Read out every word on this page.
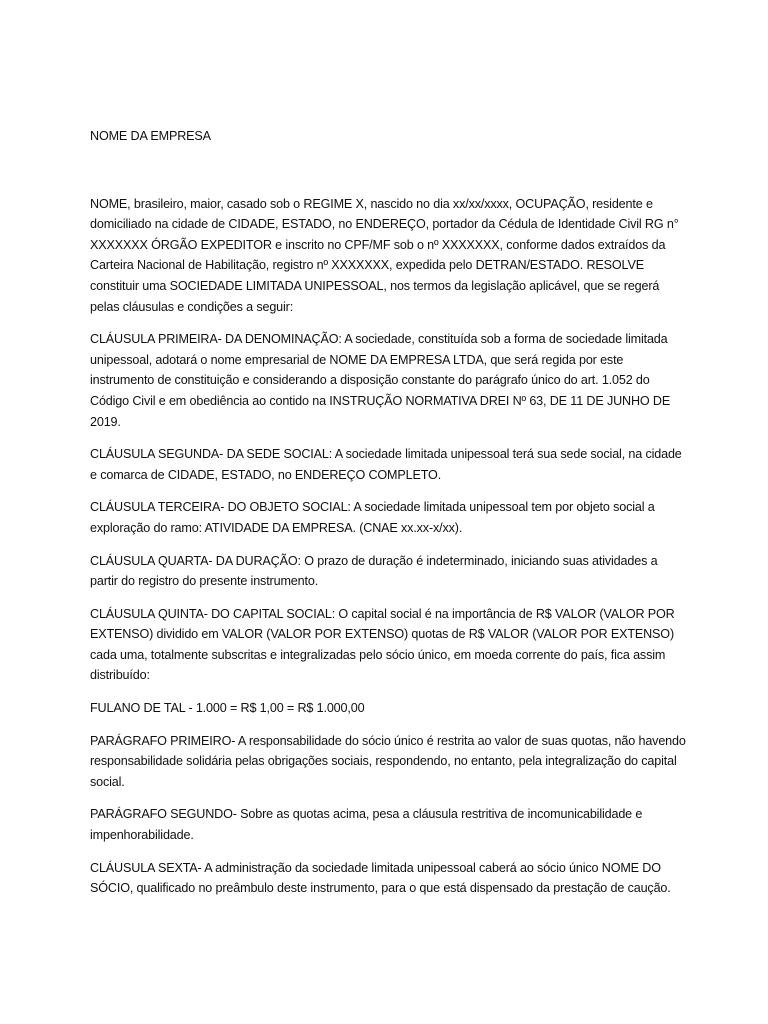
NOME DA EMPRESA

NOME, brasileiro, maior, casado sob o REGIME X, nascido no dia xx/xx/xxxx, OCUPAÇÃO, residente e domiciliado na cidade de CIDADE, ESTADO, no ENDEREÇO, portador da Cédula de Identidade Civil RG n° XXXXXXX ÓRGÃO EXPEDITOR e inscrito no CPF/MF sob o nº XXXXXXX, conforme dados extraídos da Carteira Nacional de Habilitação, registro nº XXXXXXX, expedida pelo DETRAN/ESTADO. RESOLVE constituir uma SOCIEDADE LIMITADA UNIPESSOAL, nos termos da legislação aplicável, que se regerá pelas cláusulas e condições a seguir:

CLÁUSULA PRIMEIRA- DA DENOMINAÇÃO: A sociedade, constituída sob a forma de sociedade limitada unipessoal, adotará o nome empresarial de NOME DA EMPRESA LTDA, que será regida por este instrumento de constituição e considerando a disposição constante do parágrafo único do art. 1.052 do Código Civil e em obediência ao contido na INSTRUÇÃO NORMATIVA DREI Nº 63, DE 11 DE JUNHO DE 2019.

CLÁUSULA SEGUNDA- DA SEDE SOCIAL: A sociedade limitada unipessoal terá sua sede social, na cidade e comarca de CIDADE, ESTADO, no ENDEREÇO COMPLETO.

CLÁUSULA TERCEIRA- DO OBJETO SOCIAL: A sociedade limitada unipessoal tem por objeto social a exploração do ramo: ATIVIDADE DA EMPRESA. (CNAE xx.xx-x/xx).

CLÁUSULA QUARTA- DA DURAÇÃO: O prazo de duração é indeterminado, iniciando suas atividades a partir do registro do presente instrumento.

CLÁUSULA QUINTA- DO CAPITAL SOCIAL: O capital social é na importância de R$ VALOR (VALOR POR EXTENSO) dividido em VALOR (VALOR POR EXTENSO) quotas de R$ VALOR (VALOR POR EXTENSO) cada uma, totalmente subscritas e integralizadas pelo sócio único, em moeda corrente do país, fica assim distribuído:

FULANO DE TAL - 1.000 = R$ 1,00 = R$ 1.000,00

PARÁGRAFO PRIMEIRO- A responsabilidade do sócio único é restrita ao valor de suas quotas, não havendo responsabilidade solidária pelas obrigações sociais, respondendo, no entanto, pela integralização do capital social.

PARÁGRAFO SEGUNDO- Sobre as quotas acima, pesa a cláusula restritiva de incomunicabilidade e impenhorabilidade.

CLÁUSULA SEXTA- A administração da sociedade limitada unipessoal caberá ao sócio único NOME DO SÓCIO, qualificado no preâmbulo deste instrumento, para o que está dispensado da prestação de caução.
